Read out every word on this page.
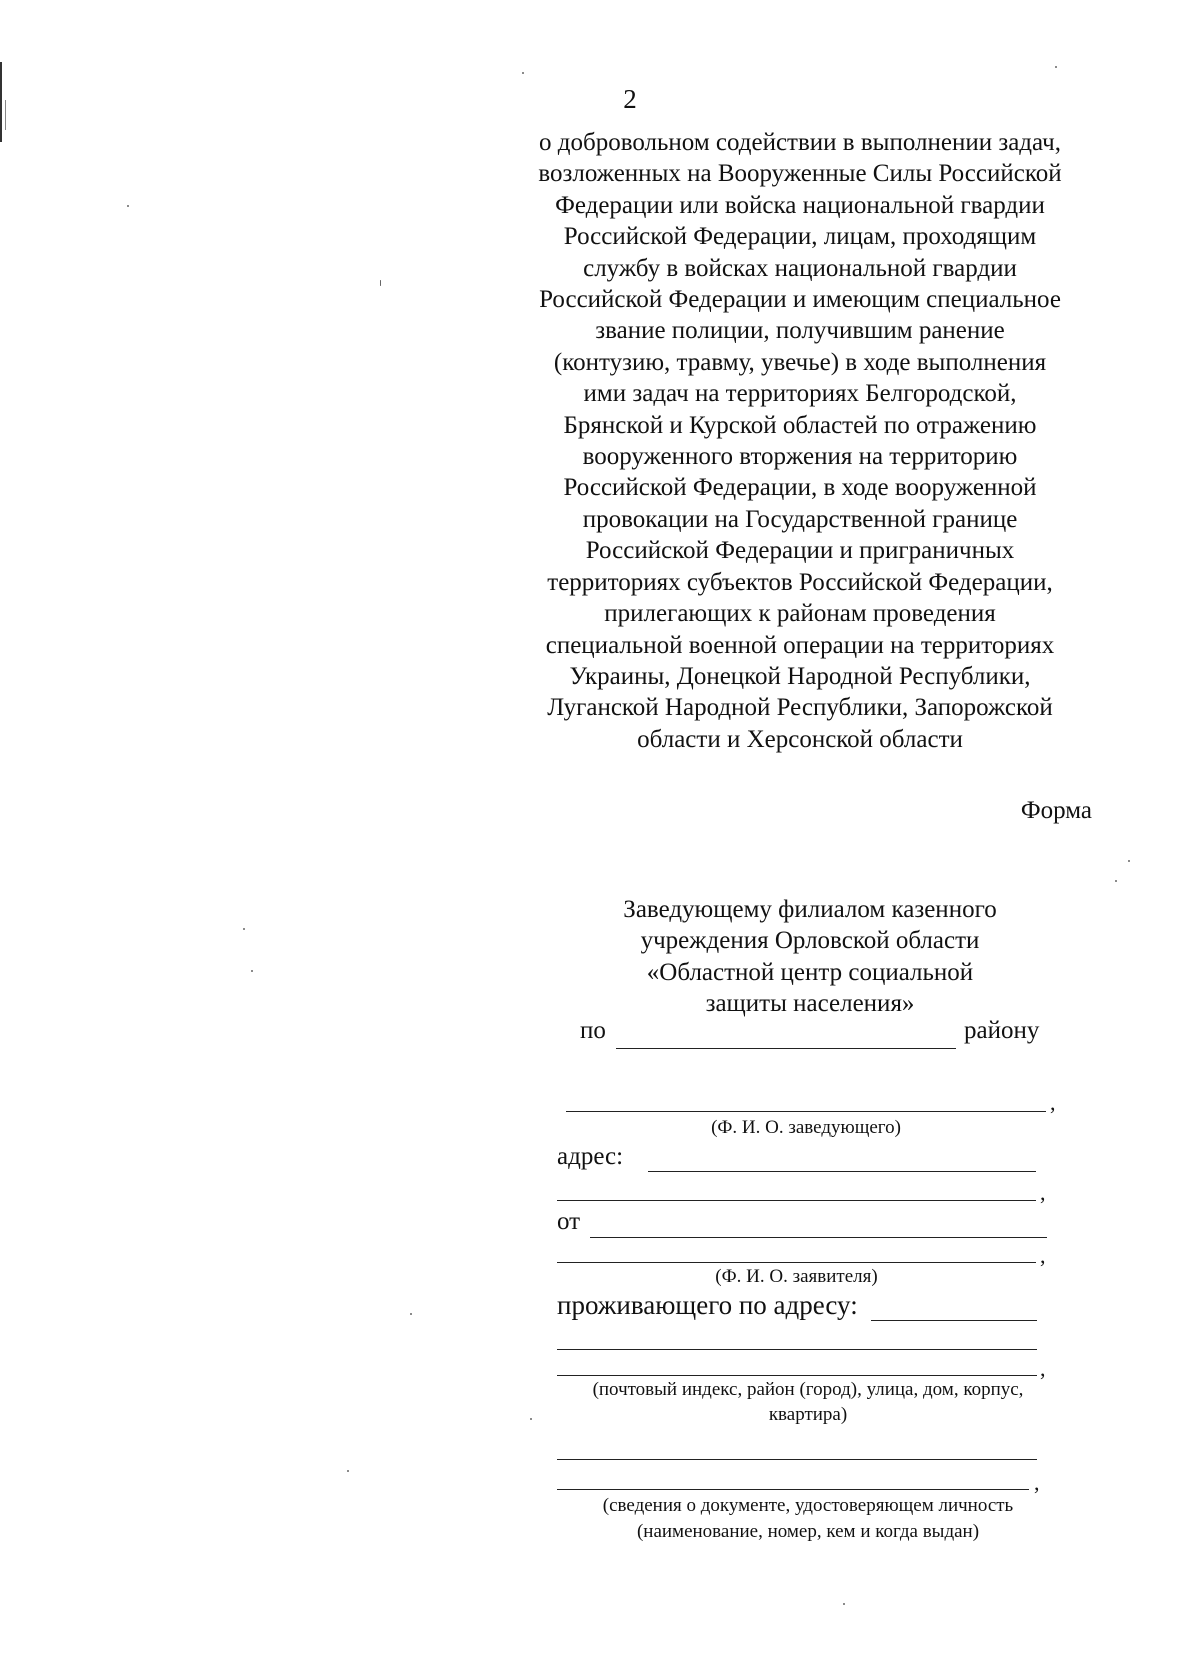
2
о добровольном содействии в выполнении задач,
возложенных на Вооруженные Силы Российской
Федерации или войска национальной гвардии
Российской Федерации, лицам, проходящим
службу в войсках национальной гвардии
Российской Федерации и имеющим специальное
звание полиции, получившим ранение
(контузию, травму, увечье) в ходе выполнения
ими задач на территориях Белгородской,
Брянской и Курской областей по отражению
вооруженного вторжения на территорию
Российской Федерации, в ходе вооруженной
провокации на Государственной границе
Российской Федерации и приграничных
территориях субъектов Российской Федерации,
прилегающих к районам проведения
специальной военной операции на территориях
Украины, Донецкой Народной Республики,
Луганской Народной Республики, Запорожской
области и Херсонской области
Форма
Заведующему филиалом казенного
учреждения Орловской области
«Областной центр социальной
защиты населения»
по	району
,
(Ф. И. О. заведующего)
адрес:
,
от
,
(Ф. И. О. заявителя)
проживающего по адресу:
,
(почтовый индекс, район (город), улица, дом, корпус,
квартира)
,
(сведения о документе, удостоверяющем личность
(наименование, номер, кем и когда выдан)
